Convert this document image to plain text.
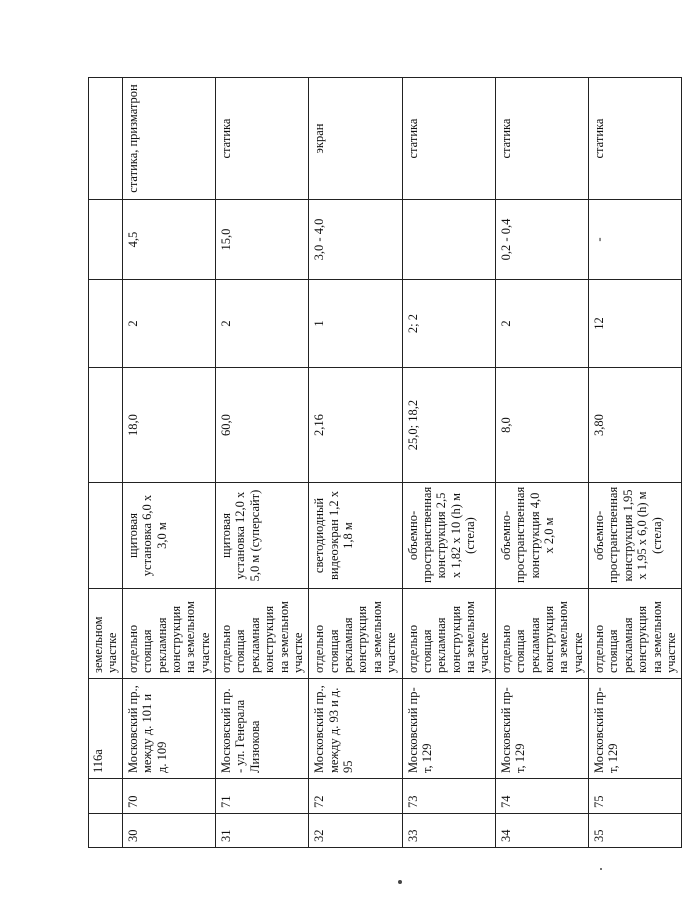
		116а	земельном участке					
30	70	Московский пр., между д. 101 и д. 109	отдельно стоящая рекламная конструкция на земельном участке	щитовая установка 6,0 х 3,0 м	18,0	2	4,5	статика, призматрон
31	71	Московский пр. - ул. Генерала Лизюкова	отдельно стоящая рекламная конструкция на земельном участке	щитовая установка 12,0 х 5,0 м (суперсайт)	60,0	2	15,0	статика
32	72	Московский пр., между д. 93 и д. 95	отдельно стоящая рекламная конструкция на земельном участке	светодиодный видеоэкран 1,2 х 1,8 м	2,16	1	3,0 - 4,0	экран
33	73	Московский пр-т, 129	отдельно стоящая рекламная конструкция на земельном участке	объемно-пространственная конструкция 2,5 х 1,82 х 10 (h) м (стела)	25,0; 18,2	2; 2		статика
34	74	Московский пр-т, 129	отдельно стоящая рекламная конструкция на земельном участке	объемно-пространственная конструкция 4,0 х 2,0 м	8,0	2	0,2 - 0,4	статика
35	75	Московский пр-т, 129	отдельно стоящая рекламная конструкция на земельном участке	объемно-пространственная конструкция 1,95 х 1,95 х 6,0 (h) м (стела)	3,80	12	-	статика
